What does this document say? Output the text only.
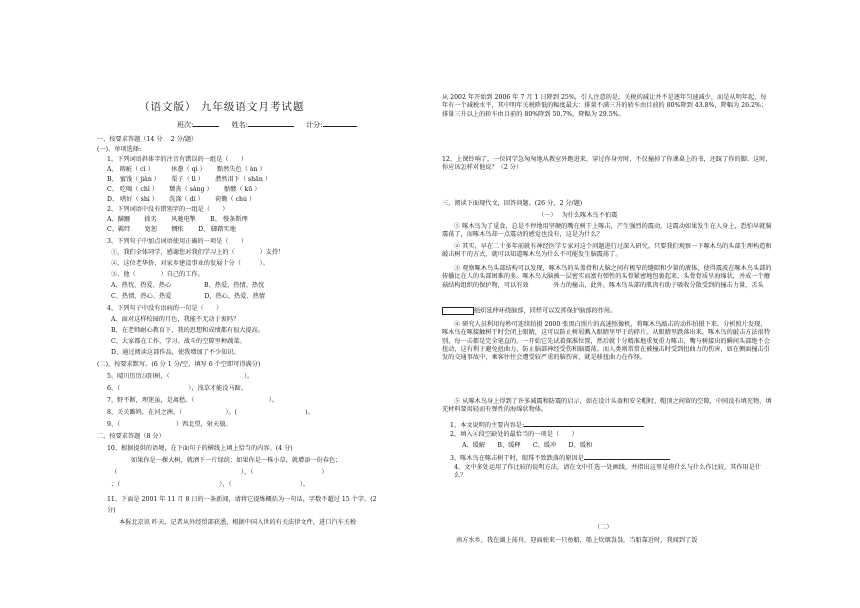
（语文版） 九年级语文月考试题
班次:	姓名:	计分:
一、按要求答题（14 分　 2 分/题）
(一)、单项选择:
1、下列词语斜体字的注音有错误的一组是（　　）
A、 瑕疵（ cī ）　　　 休憩（ qì ）　　 黯然失色（ àn ）
B、 蜜饯（ jiàn ）　　 栗子（ lì ）　　 潸然泪下（ shān ）
C、 吃喝（ chī ）　　 颓丧（ sàng ）　　 骷髅（ kū ）
D、 嗜好（ shì ）　　 洗涤（ dí ）　　 荷锄（ chú ）
2、下列词语中没有错别字的一组是（　　）
A、蹒跚　　 拙劣　　 风驰电掣　　 B、 慢条斯理
C、羁绊　　 宽恕　　 惆怅　　 D、 脚踏实地
3、下列句子中加点词语使用正确的一项是（　　）
①、我们全体同学，感谢您对我们学习上的（　　　　）支持！
②、这位老华侨，对家乡建设事业的发展十分（　　　）。
③、他（　　　　）自己的工作。
A、热忱、热爱、热心　　　　　 B、热爱、热情、热忱
C、热情、热心、热爱　　　　　 D、热心、热爱、热情
4、下列句子中没有语病的一句是（　　）
A、面对这样校园的月色，我能不无动于衷吗？
B、在老师耐心教育下，我的思想和成绩都有很大提高。
C、大家都在工作、学习、战斗的空隙里种蔬菜。
D、通过阅读这部作品，使我增加了不少知识。
(二)、按要求默写。(6 分 1 分/空，填写 6 个空即可得满分)
5、晴川历历汉阳树，（　　　　　　　　　　　　）。
6、（　　　　　　　　　　　），浅草才能没马蹄。
7、野不断，埋迷虽，是离愁。（　　　　　　　　　　　　）。
8、关关雎鸠，在河之洲。（　　　　　　　）。(　　　　　　　　　　　)。
9、（　　　　　　　　　）西北望，射天狼。
二、按要求答题（8 分）
10、根据提供的语境，在下面句子的横线上填上恰当的内容。(4 分)
如果你是一棵大树，就洒下一片绿荫；如果你是一株小草，就增添一份春色；
（　　　　　　　　　　　　　　　　　　　　），（　　　　　　　　　　　）
；（　　　　　　　　　　　　　　　　），（　　　　　　　　　　　）。
11、下面是 2001 年 11 月 8 日的一条新闻，请将它提炼概括为一句话，字数不超过 15 个字。(2
分)
本报北京讯 昨天，记者从外经贸部获悉，根据中国入世的有关法律文件，进口汽车关税
从 2002 年开始到 2006 年 7 月 1 日降到 25%，引人注意的是，关税的减让并不是逐年匀速减少，而是从明年起，每年有一个减税水平，其中明年关税降低的幅度最大：排量不满三升的轿车由目前的 80%降到 43.8%，降幅为 26.2%；　 排量三升以上的轿车由目前的 80%降到 50.7%，降幅为 29.5%。
12、上课铃响了，一位同学急匆匆地从教室外跑进来，穿过你身旁时，不仅撞掉了你课桌上的书，还踩了你的脚。这时，你应该怎样对他说？（2 分）
三、阅读下面现代文，回答问题。(26 分，2 分/题)
（一）　 为什么啄木鸟不怕震
① 啄木鸟为了觅食，总是不停地用坚硬的嘴在树干上啄击，产生强烈的震动，这震动如果发生在人身上，恐怕早就脑震荡了，而啄木鸟却一点震动的感觉也没有，这是为什么？
② 其实，早在二十多年前就有神经医学专家对这个问题进行过深入研究。只要我们观察一下啄木鸟的头部生理构造和敲击树干的方式，就可以知道啄木鸟为什么不可能发生脑震荡了。
③ 观察啄木鸟头部结构可以发现，啄木鸟的头盖骨和大脑之间有极窄的缝隙和少量的液体，使得震波在啄木鸟头部的传播比在人的头部困难的多。啄木鸟大脑被一层密实而富有弹性的头骨紧密地包裹起来，头骨骨质呈海绵状，并成一个蘑菇结构组织的保护物，可以有效　　　　外力的撞击，此外，啄木鸟头部的肌肉有助于吸收分散受到的撞击力量，舌头
组织延伸环绕脑部，同样可以发挥保护脑部的作用。
④ 研究人员利用每秒可连续拍摄 2000 张黑白照片的高速照像机，将啄木鸟敲击的动作拍摄下来。分析照片发现，啄木鸟在啄接触树干时会闭上眼睛，这可以防止树屑溅入眼睛里甲于的碎片。从眼睛里跌落出来，啄木鸟的敲击方法很特别，每一击都是完全笔直的。一开始它先试着探准位置，然后就十分精准地重复重力啄击，嘴与树接出的瞬间头部绝不会扭动，这有利于避免扭曲力，防止脑部神经受伤和脑震荡。而人类则常常在被撞击时受到扭曲力的伤害，如在侧面撞击引发的交通事故中，乘客往往会遭受较严重的脑伤害，就是移扭曲力在作怪。
⑤ 从啄木鸟身上得到了许多减震和防震的启示，如在设计头盔和安全帽时，帽顶之间留的空隙，中间没有填充物，填充材料要用轻而有弹性的海绵状物体。
1、本文说明的主要内容是:
2、填入④段空缺处的最恰当的一项是（　　）
A、缓解　　B、缓释　　C、缓冲　　D、缓和
3、啄木鸟在啄击树干时，眼珠不致跌落的原因是
4、文中多处运用了作比较的说明方法，请在文中任选一处画线，并指出这里是将什么与什么作比较，其作用是什么？
（二）
南方水乡，我在湖上荡舟，迎面驶来一只鱼船，船上炊烟袅袅，当船靠近时，我闻到了饭
